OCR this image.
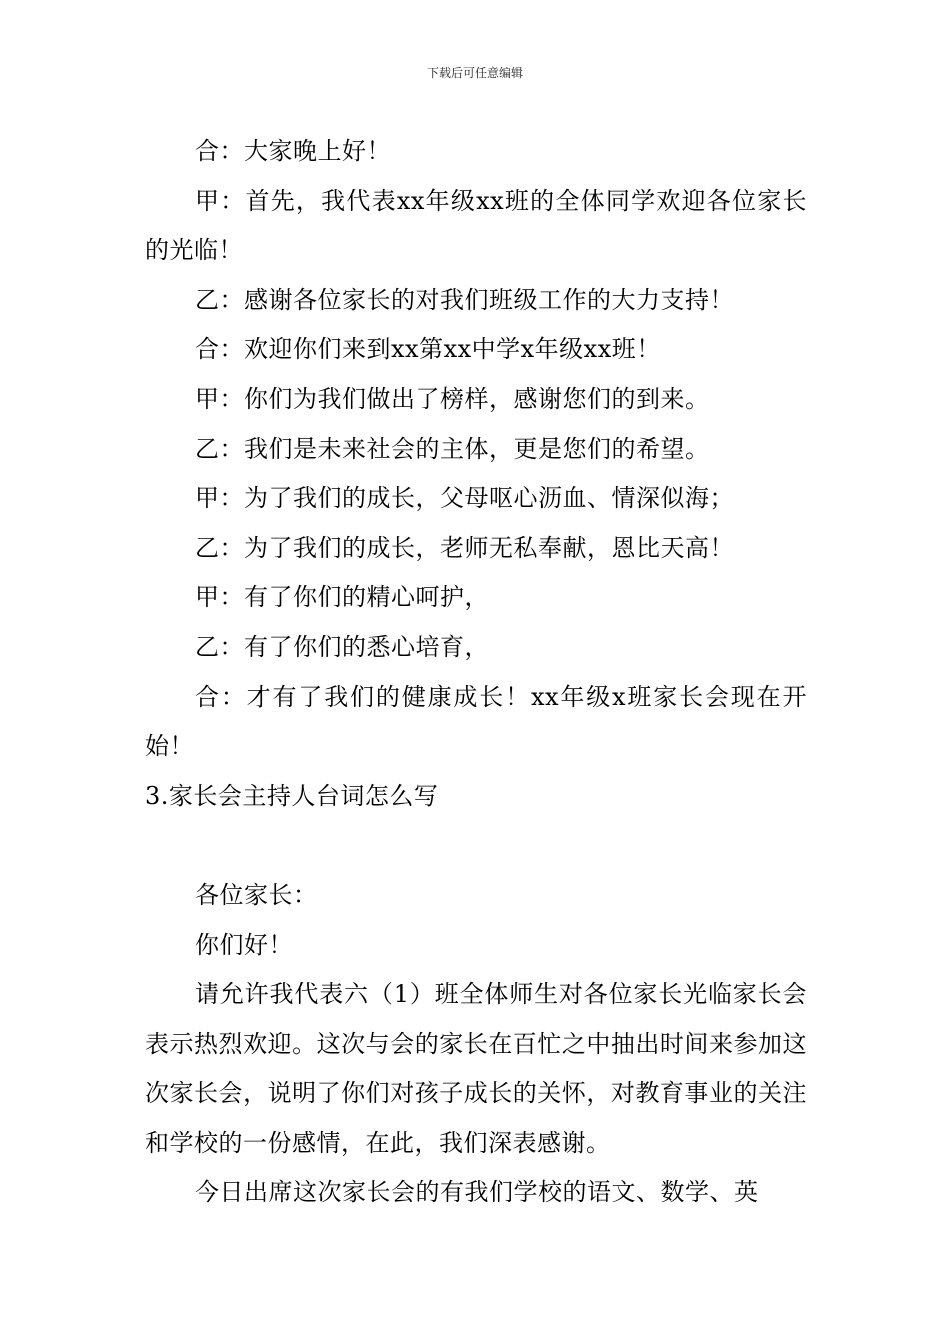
下载后可任意编辑

合：大家晚上好！

甲：首先，我代表xx年级xx班的全体同学欢迎各位家长的光临！

乙：感谢各位家长的对我们班级工作的大力支持！

合：欢迎你们来到xx第xx中学x年级xx班！

甲：你们为我们做出了榜样，感谢您们的到来。

乙：我们是未来社会的主体，更是您们的希望。

甲：为了我们的成长，父母呕心沥血、情深似海；

乙：为了我们的成长，老师无私奉献，恩比天高！

甲：有了你们的精心呵护，

乙：有了你们的悉心培育，

合：才有了我们的健康成长！xx年级x班家长会现在开始！

3.家长会主持人台词怎么写

各位家长：

你们好！

请允许我代表六（1）班全体师生对各位家长光临家长会表示热烈欢迎。这次与会的家长在百忙之中抽出时间来参加这次家长会，说明了你们对孩子成长的关怀，对教育事业的关注和学校的一份感情，在此，我们深表感谢。

今日出席这次家长会的有我们学校的语文、数学、英
